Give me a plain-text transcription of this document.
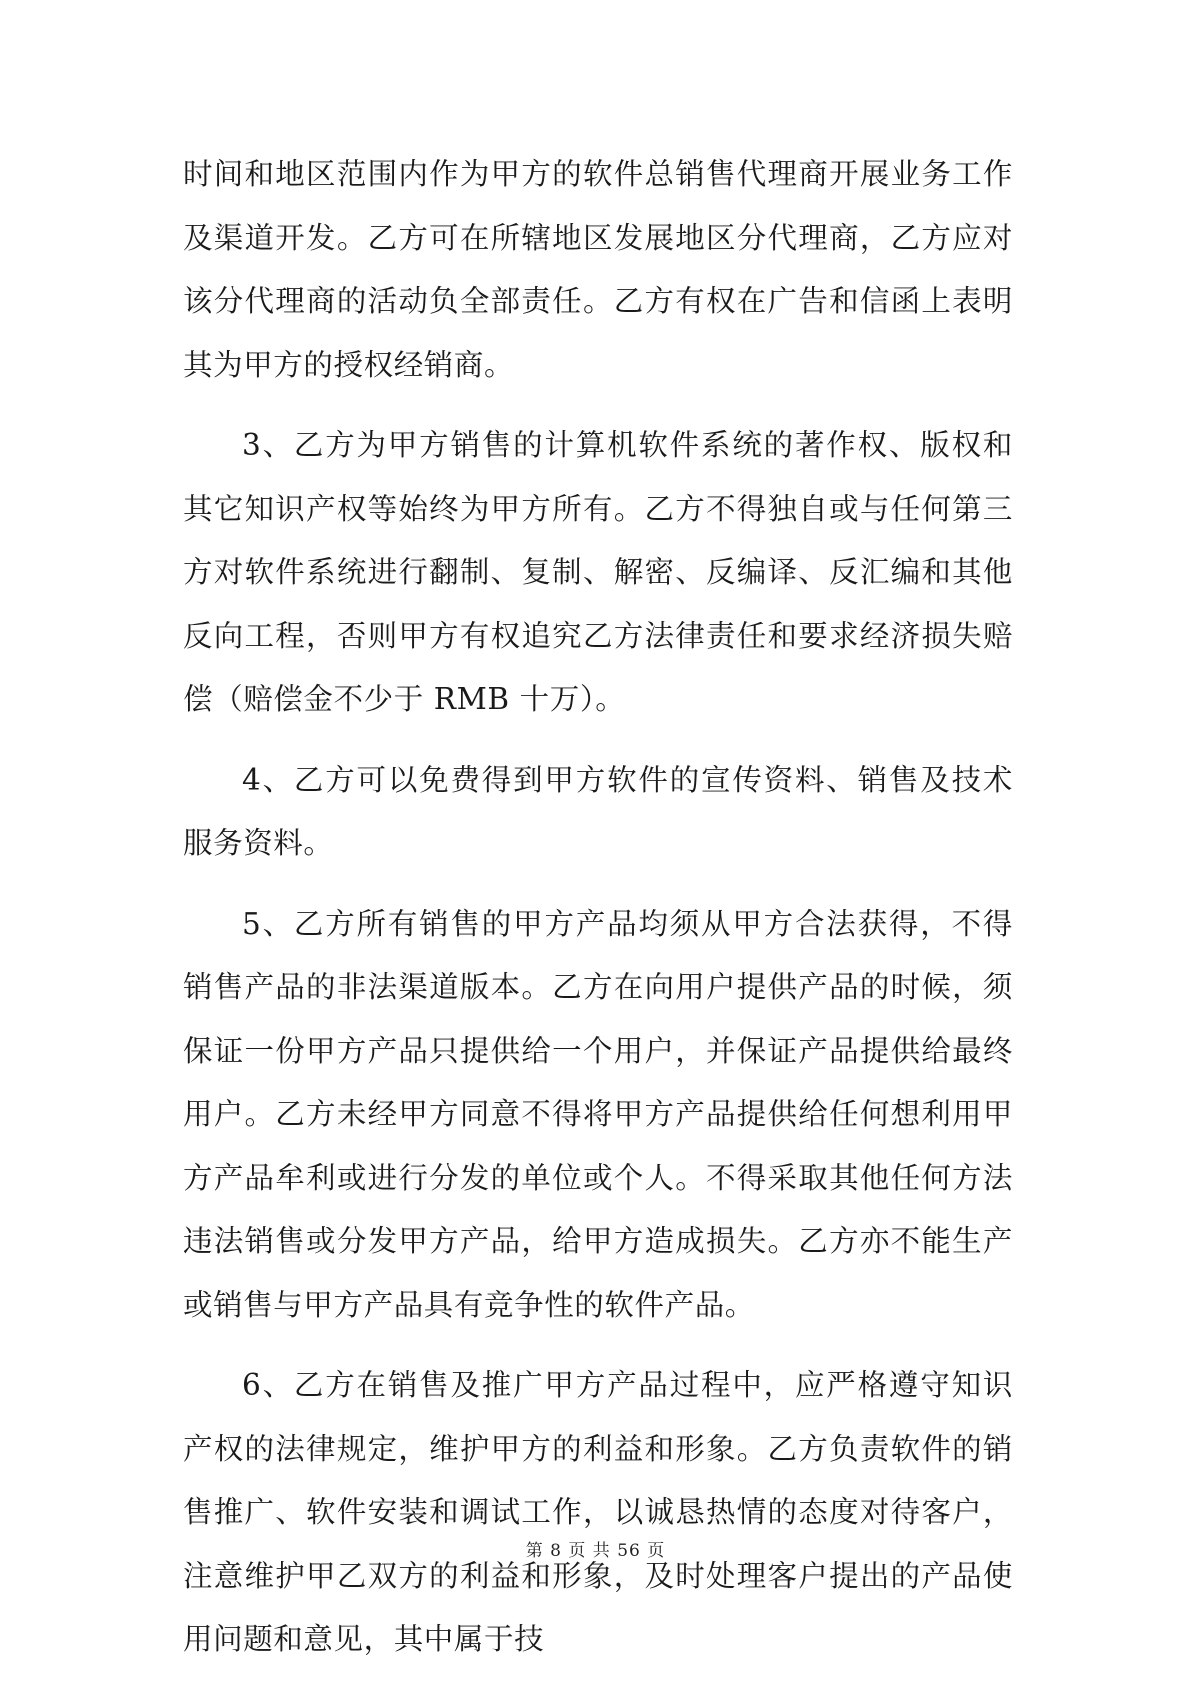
时间和地区范围内作为甲方的软件总销售代理商开展业务工作及渠道开发。乙方可在所辖地区发展地区分代理商，乙方应对该分代理商的活动负全部责任。乙方有权在广告和信函上表明其为甲方的授权经销商。

3、乙方为甲方销售的计算机软件系统的著作权、版权和其它知识产权等始终为甲方所有。乙方不得独自或与任何第三方对软件系统进行翻制、复制、解密、反编译、反汇编和其他反向工程，否则甲方有权追究乙方法律责任和要求经济损失赔偿（赔偿金不少于 RMB 十万）。

4、乙方可以免费得到甲方软件的宣传资料、销售及技术服务资料。

5、乙方所有销售的甲方产品均须从甲方合法获得，不得销售产品的非法渠道版本。乙方在向用户提供产品的时候，须保证一份甲方产品只提供给一个用户，并保证产品提供给最终用户。乙方未经甲方同意不得将甲方产品提供给任何想利用甲方产品牟利或进行分发的单位或个人。不得采取其他任何方法违法销售或分发甲方产品，给甲方造成损失。乙方亦不能生产或销售与甲方产品具有竞争性的软件产品。

6、乙方在销售及推广甲方产品过程中，应严格遵守知识产权的法律规定，维护甲方的利益和形象。乙方负责软件的销售推广、软件安装和调试工作，以诚恳热情的态度对待客户，注意维护甲乙双方的利益和形象，及时处理客户提出的产品使用问题和意见，其中属于技

第 8 页 共 56 页
